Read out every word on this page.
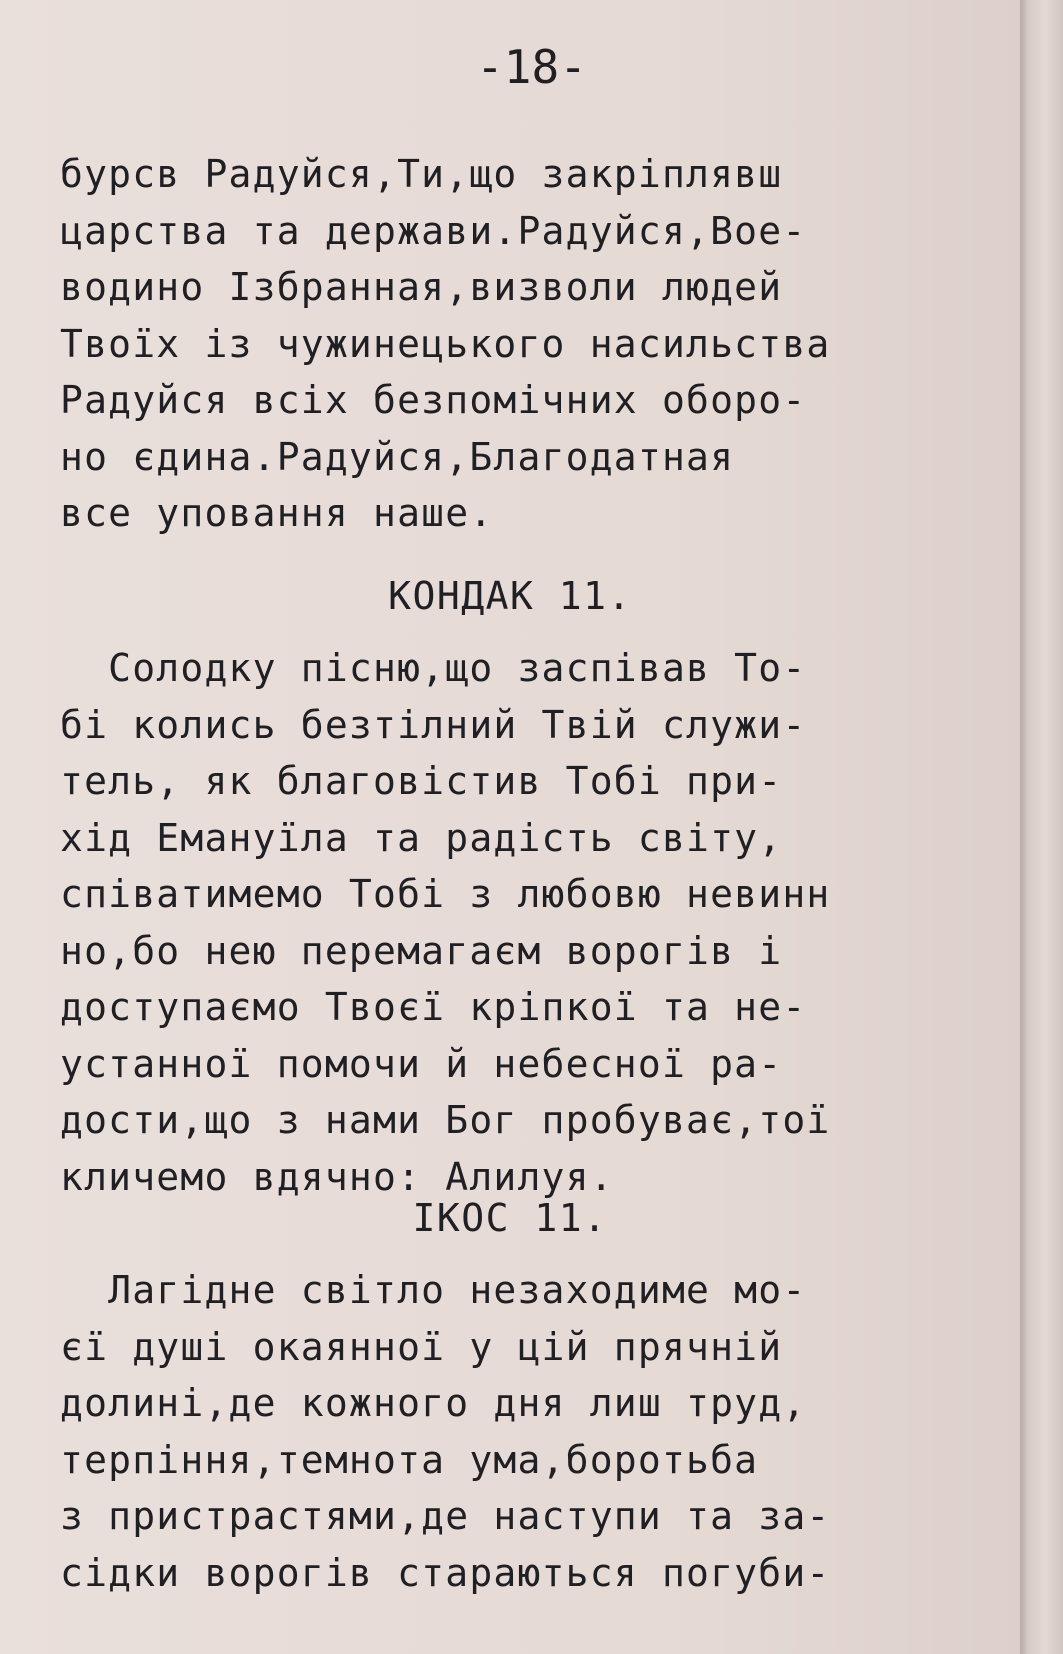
-18-
бурсв Радуйся,Ти,що закріплявш
царства та держави.Радуйся,Вое-
водино Ізбранная,визволи людей
Твоїх із чужинецького насильства
Радуйся всіх безпомічних оборо-
но єдина.Радуйся,Благодатная
все уповання наше.
КОНДАК 11.
Солодку пісню,що заспівав То-
бі колись безтілний Твій служи-
тель, як благовістив Тобі при-
хід Емануїла та радість світу,
співатимемо Тобі з любовю невинн
но,бо нею перемагаєм ворогів і
доступаємо Твоєї кріпкої та не-
устанної помочи й небесної ра-
дости,що з нами Бог пробуває,тої
кличемо вдячно: Алилуя.
ІКОС 11.
Лагідне світло незаходиме мо-
єї душі окаянної у цій прячній
долині,де кожного дня лиш труд,
терпіння,темнота ума,боротьба
з пристрастями,де наступи та за-
сідки ворогів стараються погуби-
